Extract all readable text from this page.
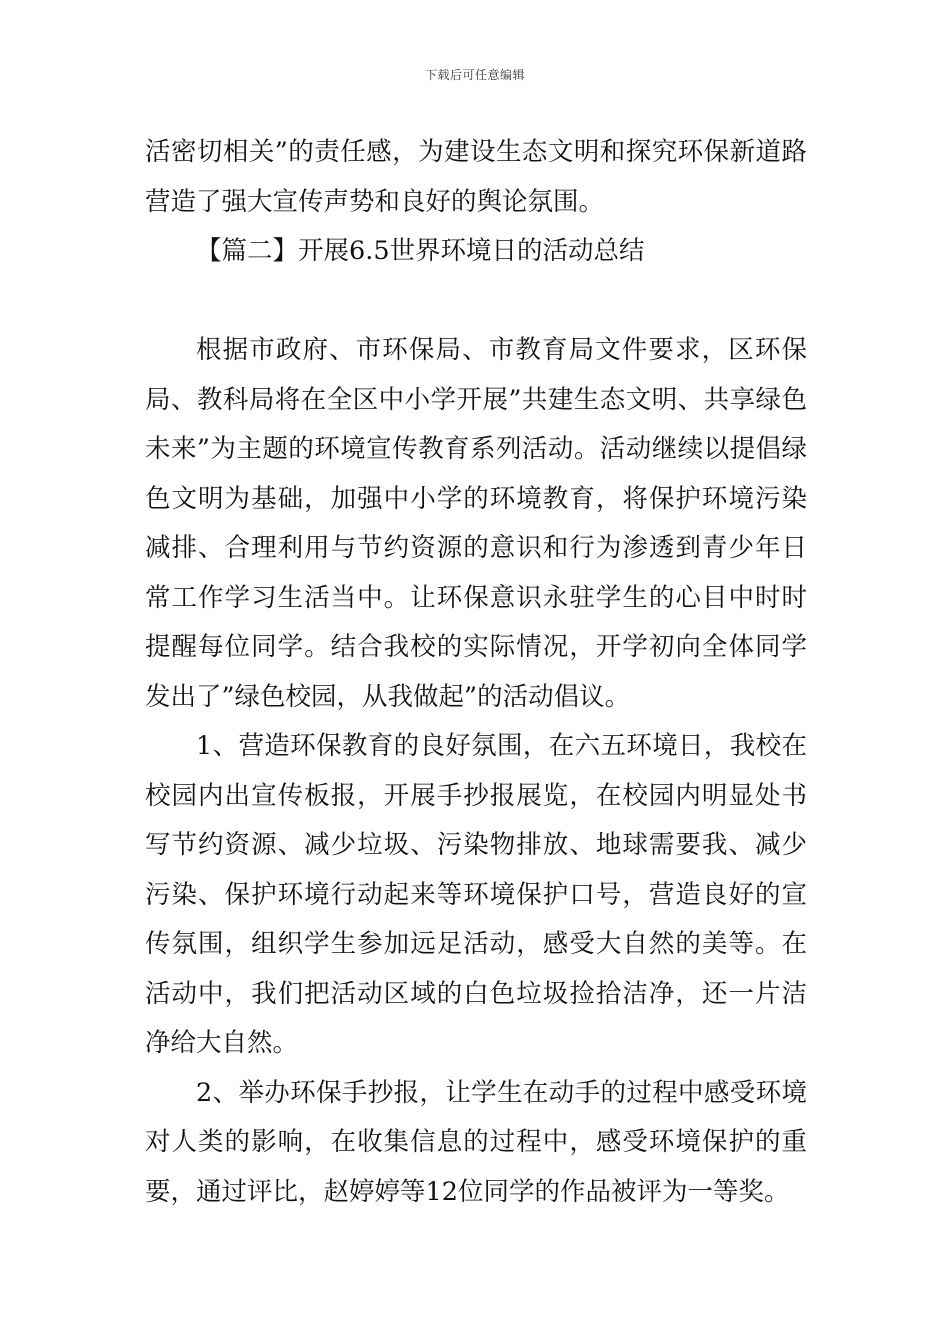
下载后可任意编辑

活密切相关”的责任感，为建设生态文明和探究环保新道路营造了强大宣传声势和良好的舆论氛围。

【篇二】开展6.5世界环境日的活动总结

根据市政府、市环保局、市教育局文件要求，区环保局、教科局将在全区中小学开展”共建生态文明、共享绿色未来”为主题的环境宣传教育系列活动。活动继续以提倡绿色文明为基础，加强中小学的环境教育，将保护环境污染减排、合理利用与节约资源的意识和行为渗透到青少年日常工作学习生活当中。让环保意识永驻学生的心目中时时提醒每位同学。结合我校的实际情况，开学初向全体同学发出了”绿色校园，从我做起”的活动倡议。

1、营造环保教育的良好氛围，在六五环境日，我校在校园内出宣传板报，开展手抄报展览，在校园内明显处书写节约资源、减少垃圾、污染物排放、地球需要我、减少污染、保护环境行动起来等环境保护口号，营造良好的宣传氛围，组织学生参加远足活动，感受大自然的美等。在活动中，我们把活动区域的白色垃圾捡拾洁净，还一片洁净给大自然。

2、举办环保手抄报，让学生在动手的过程中感受环境对人类的影响，在收集信息的过程中，感受环境保护的重要，通过评比，赵婷婷等12位同学的作品被评为一等奖。
